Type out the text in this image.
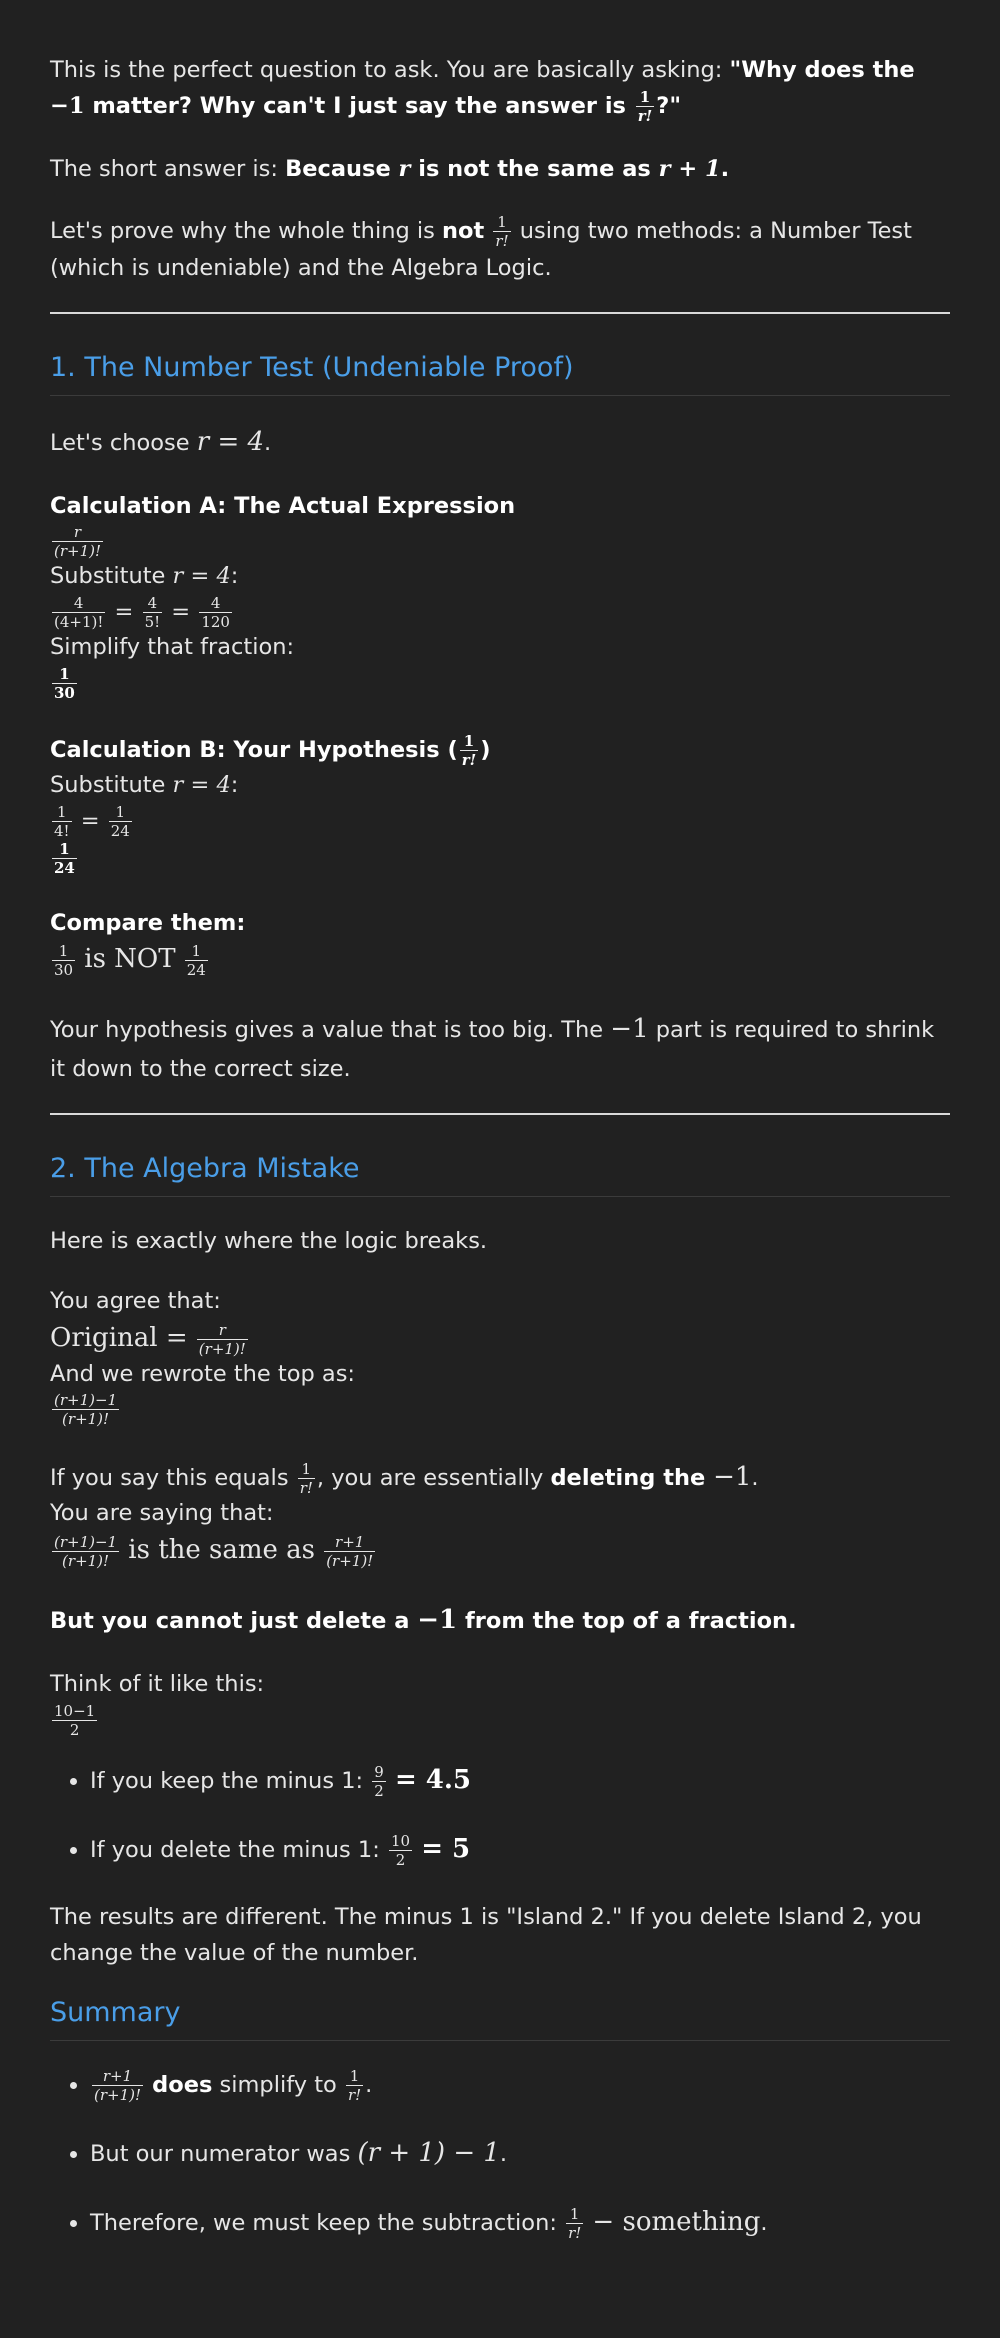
This is the perfect question to ask. You are basically asking: "Why does the −1 matter? Why can't I just say the answer is $\frac{1}{r!}$ ?"

The short answer is: Because r is not the same as r + 1.

Let's prove why the whole thing is not $\frac{1}{r!}$ using two methods: a Number Test (which is undeniable) and the Algebra Logic.

1. The Number Test (Undeniable Proof)

Let's choose r = 4.

Calculation A: The Actual Expression
$\frac{r}{(r+1)!}$
Substitute r = 4:
$\frac{4}{(4+1)!} = \frac{4}{5!} = \frac{4}{120}$
Simplify that fraction:
$\frac{1}{30}$
Calculation B: Your Hypothesis ( $\frac{1}{r!}$ )
Substitute r = 4:
$\frac{1}{4!} = \frac{1}{24}$
$\frac{1}{24}$
Compare them:
$\frac{1}{30}$ is NOT $\frac{1}{24}$

Your hypothesis gives a value that is too big. The −1 part is required to shrink it down to the correct size.

2. The Algebra Mistake

Here is exactly where the logic breaks.

You agree that:
Original = $\frac{r}{(r+1)!}$
And we rewrote the top as:
$\frac{(r+1)-1}{(r+1)!}$
If you say this equals $\frac{1}{r!}$ , you are essentially deleting the −1.
You are saying that:
$\frac{(r+1)-1}{(r+1)!}$ is the same as $\frac{r+1}{(r+1)!}$

But you cannot just delete a −1 from the top of a fraction.

Think of it like this:
$\frac{10-1}{2}$
• If you keep the minus 1: $\frac{9}{2} = 4.5$
• If you delete the minus 1: $\frac{10}{2} = 5$

The results are different. The minus 1 is "Island 2." If you delete Island 2, you change the value of the number.

Summary
• $\frac{r+1}{(r+1)!}$ does simplify to $\frac{1}{r!}$ .
• But our numerator was (r + 1) − 1.
• Therefore, we must keep the subtraction: $\frac{1}{r!}$ − something.
